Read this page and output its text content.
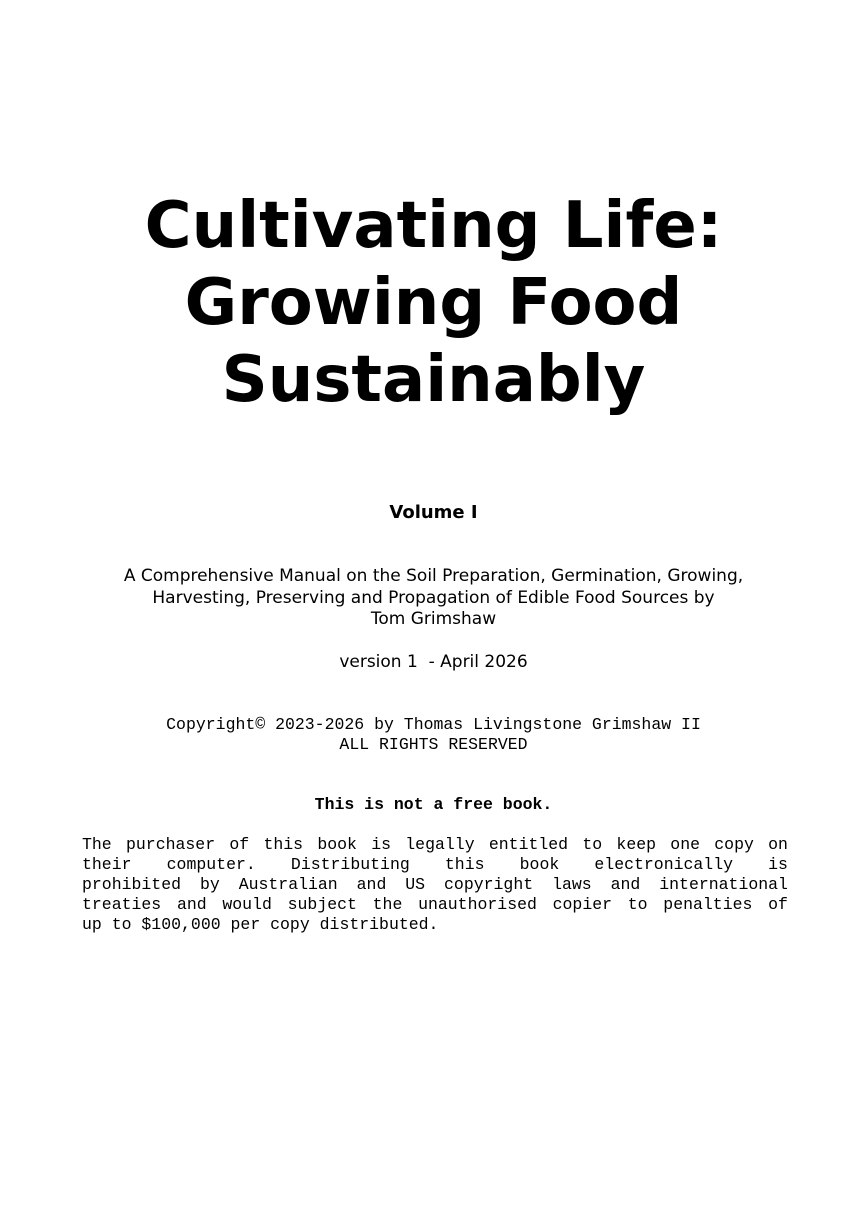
Cultivating Life:
Growing Food
Sustainably
Volume I
A Comprehensive Manual on the Soil Preparation, Germination, Growing,
Harvesting, Preserving and Propagation of Edible Food Sources by
Tom Grimshaw
version 1  - April 2026
Copyright© 2023-2026 by Thomas Livingstone Grimshaw II
ALL RIGHTS RESERVED
This is not a free book.
The purchaser of this book is legally entitled to keep one copy on
their computer. Distributing this book electronically is
prohibited by Australian and US copyright laws and international
treaties and would subject the unauthorised copier to penalties of
up to $100,000 per copy distributed.
